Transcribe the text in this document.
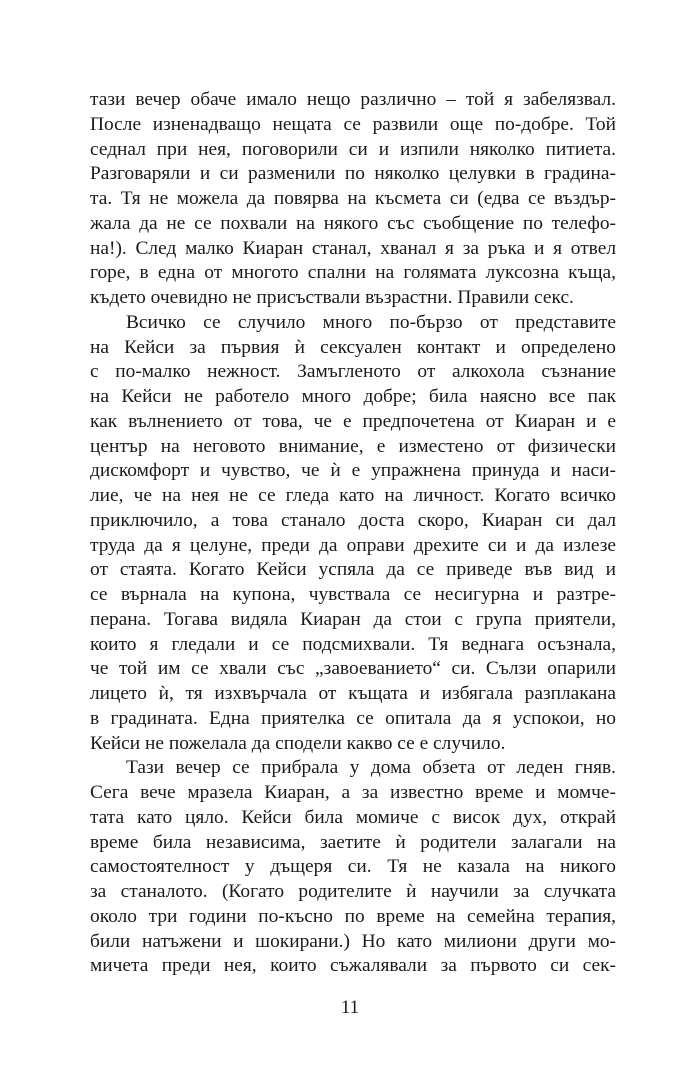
тази вечер обаче имало нещо различно – той я забелязвал.
После изненадващо нещата се развили още по-добре. Той
седнал при нея, поговорили си и изпили няколко питиета.
Разговаряли и си разменили по няколко целувки в градина-
та. Тя не можела да повярва на късмета си (едва се въздър-
жала да не се похвали на някого със съобщение по телефо-
на!). След малко Киаран станал, хванал я за ръка и я отвел
горе, в една от многото спални на голямата луксозна къща,
където очевидно не присъствали възрастни. Правили секс.
Всичко се случило много по-бързо от представите
на Кейси за първия ѝ сексуален контакт и определено
с по-малко нежност. Замъгленото от алкохола съзнание
на Кейси не работело много добре; била наясно все пак
как вълнението от това, че е предпочетена от Киаран и е
център на неговото внимание, е изместено от физически
дискомфорт и чувство, че ѝ е упражнена принуда и наси-
лие, че на нея не се гледа като на личност. Когато всичко
приключило, а това станало доста скоро, Киаран си дал
труда да я целуне, преди да оправи дрехите си и да излезе
от стаята. Когато Кейси успяла да се приведе във вид и
се върнала на купона, чувствала се несигурна и разтре-
перана. Тогава видяла Киаран да стои с група приятели,
които я гледали и се подсмихвали. Тя веднага осъзнала,
че той им се хвали със „завоеванието“ си. Сълзи опарили
лицето ѝ, тя изхвърчала от къщата и избягала разплакана
в градината. Една приятелка се опитала да я успокои, но
Кейси не пожелала да сподели какво се е случило.
Тази вечер се прибрала у дома обзета от леден гняв.
Сега вече мразела Киаран, а за известно време и момче-
тата като цяло. Кейси била момиче с висок дух, открай
време била независима, заетите ѝ родители залагали на
самостоятелност у дъщеря си. Тя не казала на никого
за станалото. (Когато родителите ѝ научили за случката
около три години по-късно по време на семейна терапия,
били натъжени и шокирани.) Но като милиони други мо-
мичета преди нея, които съжалявали за първото си сек-
11
